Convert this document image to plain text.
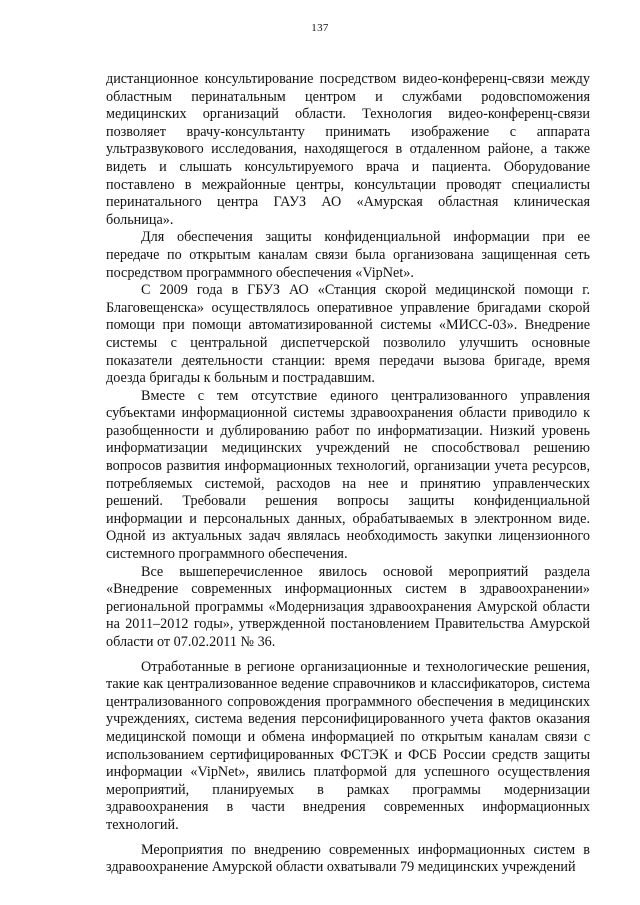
137

дистанционное консультирование посредством видео-конференц-связи между областным перинатальным центром и службами родовспоможения медицинских организаций области. Технология видео-конференц-связи позволяет врачу-консультанту принимать изображение с аппарата ультразвукового исследования, находящегося в отдаленном районе, а также видеть и слышать консультируемого врача и пациента. Оборудование поставлено в межрайонные центры, консультации проводят специалисты перинатального центра ГАУЗ АО «Амурская областная клиническая больница».

Для обеспечения защиты конфиденциальной информации при ее передаче по открытым каналам связи была организована защищенная сеть посредством программного обеспечения «VipNet».

С 2009 года в ГБУЗ АО «Станция скорой медицинской помощи г. Благовещенска» осуществлялось оперативное управление бригадами скорой помощи при помощи автоматизированной системы «МИСС-03». Внедрение системы с центральной диспетчерской позволило улучшить основные показатели деятельности станции: время передачи вызова бригаде, время доезда бригады к больным и пострадавшим.

Вместе с тем отсутствие единого централизованного управления субъектами информационной системы здравоохранения области приводило к разобщенности и дублированию работ по информатизации. Низкий уровень информатизации медицинских учреждений не способствовал решению вопросов развития информационных технологий, организации учета ресурсов, потребляемых системой, расходов на нее и принятию управленческих решений. Требовали решения вопросы защиты конфиденциальной информации и персональных данных, обрабатываемых в электронном виде. Одной из актуальных задач являлась необходимость закупки лицензионного системного программного обеспечения.

Все вышеперечисленное явилось основой мероприятий раздела «Внедрение современных информационных систем в здравоохранении» региональной программы «Модернизация здравоохранения Амурской области на 2011–2012 годы», утвержденной постановлением Правительства Амурской области от 07.02.2011 № 36.

Отработанные в регионе организационные и технологические решения, такие как централизованное ведение справочников и классификаторов, система централизованного сопровождения программного обеспечения в медицинских учреждениях, система ведения персонифицированного учета фактов оказания медицинской помощи и обмена информацией по открытым каналам связи с использованием сертифицированных ФСТЭК и ФСБ России средств защиты информации «VipNet», явились платформой для успешного осуществления мероприятий, планируемых в рамках программы модернизации здравоохранения в части внедрения современных информационных технологий.

Мероприятия по внедрению современных информационных систем в здравоохранение Амурской области охватывали 79 медицинских учреждений
